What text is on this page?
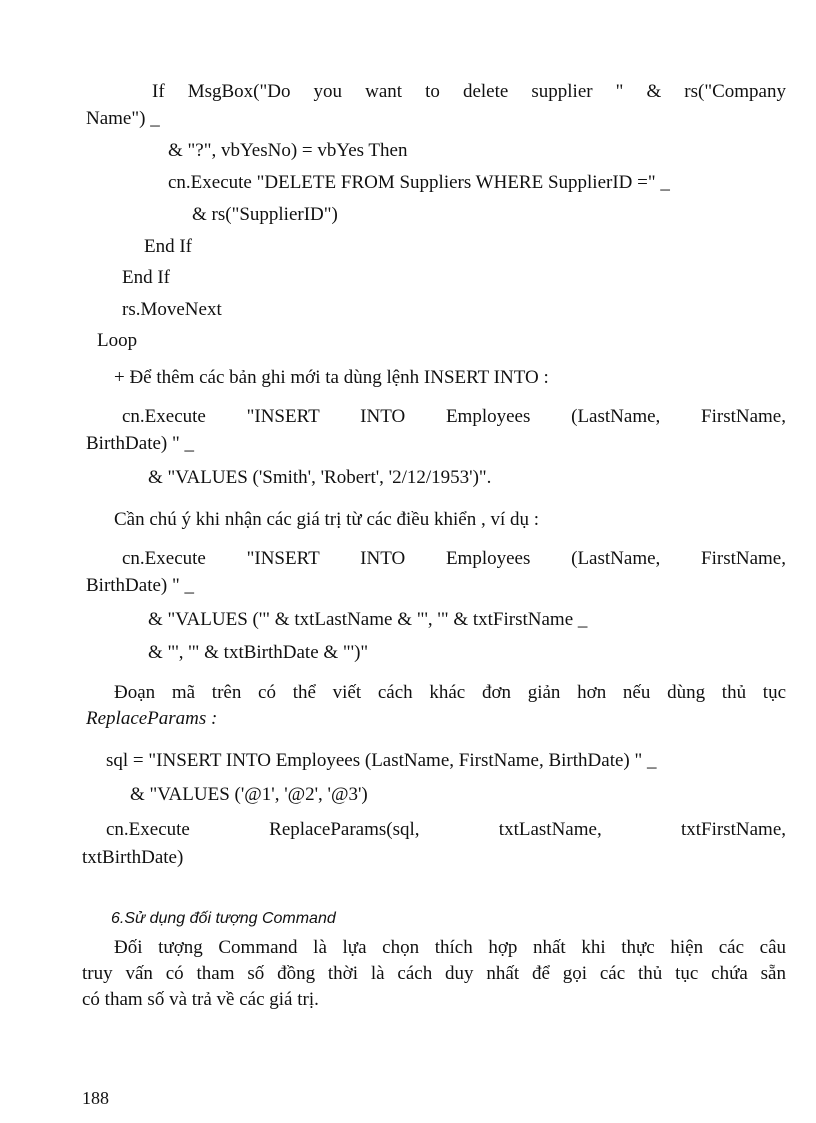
If MsgBox("Do you want to delete supplier " & rs("Company

Name") _

& "?", vbYesNo) = vbYes Then

cn.Execute "DELETE FROM Suppliers WHERE SupplierID =" _

& rs("SupplierID")

End If

End If

rs.MoveNext

Loop

+ Để thêm các bản ghi mới ta dùng lệnh INSERT INTO :

cn.Execute "INSERT INTO Employees (LastName, FirstName,

BirthDate) " _

& "VALUES ('Smith', 'Robert', '2/12/1953')".

Cần chú ý khi nhận các giá trị từ các điều khiển , ví dụ :

cn.Execute "INSERT INTO Employees (LastName, FirstName,

BirthDate) " _

& "VALUES ('" & txtLastName & "', '" & txtFirstName _

& "', '" & txtBirthDate & "')"

Đoạn mã trên có thể viết cách khác đơn giản hơn nếu dùng thủ tục

ReplaceParams :

sql = "INSERT INTO Employees (LastName, FirstName, BirthDate) " _

& "VALUES ('@1', '@2', '@3')

cn.Execute ReplaceParams(sql, txtLastName, txtFirstName,

txtBirthDate)

6.Sử dụng đối tượng Command

Đối tượng Command là lựa chọn thích hợp nhất khi thực hiện các câu

truy vấn có tham số đồng thời là cách duy nhất để gọi các thủ tục chứa sẵn

có tham số và trả về các giá trị.

188
